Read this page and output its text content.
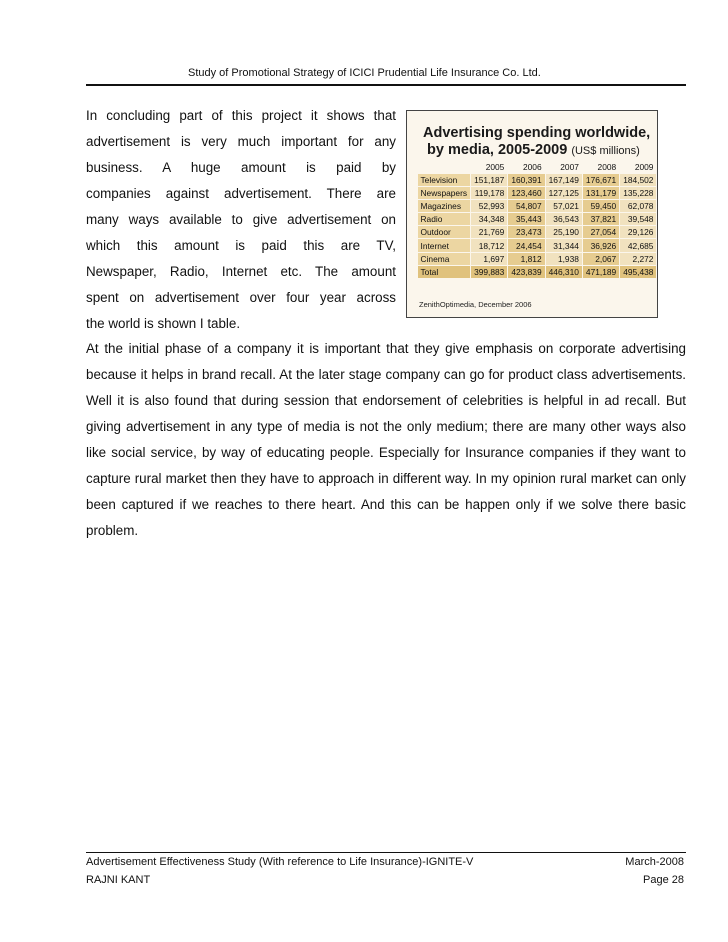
Study of Promotional Strategy of ICICI Prudential Life Insurance Co. Ltd.

In concluding part of this project it shows that

advertisement is very much important for any

business. A huge amount is paid by

companies against advertisement. There are

many ways available to give advertisement on

which this amount is paid this are TV,

Newspaper, Radio, Internet etc. The amount

spent on advertisement over four year across

the world is shown I table.

Advertising spending worldwide,
by media, 2005-2009 (US$ millions)
	2005	2006	2007	2008	2009
Television	151,187	160,391	167,149	176,671	184,502
Newspapers	119,178	123,460	127,125	131,179	135,228
Magazines	52,993	54,807	57,021	59,450	62,078
Radio	34,348	35,443	36,543	37,821	39,548
Outdoor	21,769	23,473	25,190	27,054	29,126
Internet	18,712	24,454	31,344	36,926	42,685
Cinema	1,697	1,812	1,938	2,067	2,272
Total	399,883	423,839	446,310	471,189	495,438
ZenithOptimedia, December 2006

At the initial phase of a company it is important that they give emphasis on corporate advertising because it helps in brand recall. At the later stage company can go for product class advertisements. Well it is also found that during session that endorsement of celebrities is helpful in ad recall. But giving advertisement in any type of media is not the only medium; there are many other ways also like social service, by way of educating people. Especially for Insurance companies if they want to capture rural market then they have to approach in different way. In my opinion rural market can only been captured if we reaches to there heart. And this can be happen only if we solve there basic problem.

Advertisement Effectiveness Study (With reference to Life Insurance)-IGNITE-V	March-2008
RAJNI KANT	Page 28
